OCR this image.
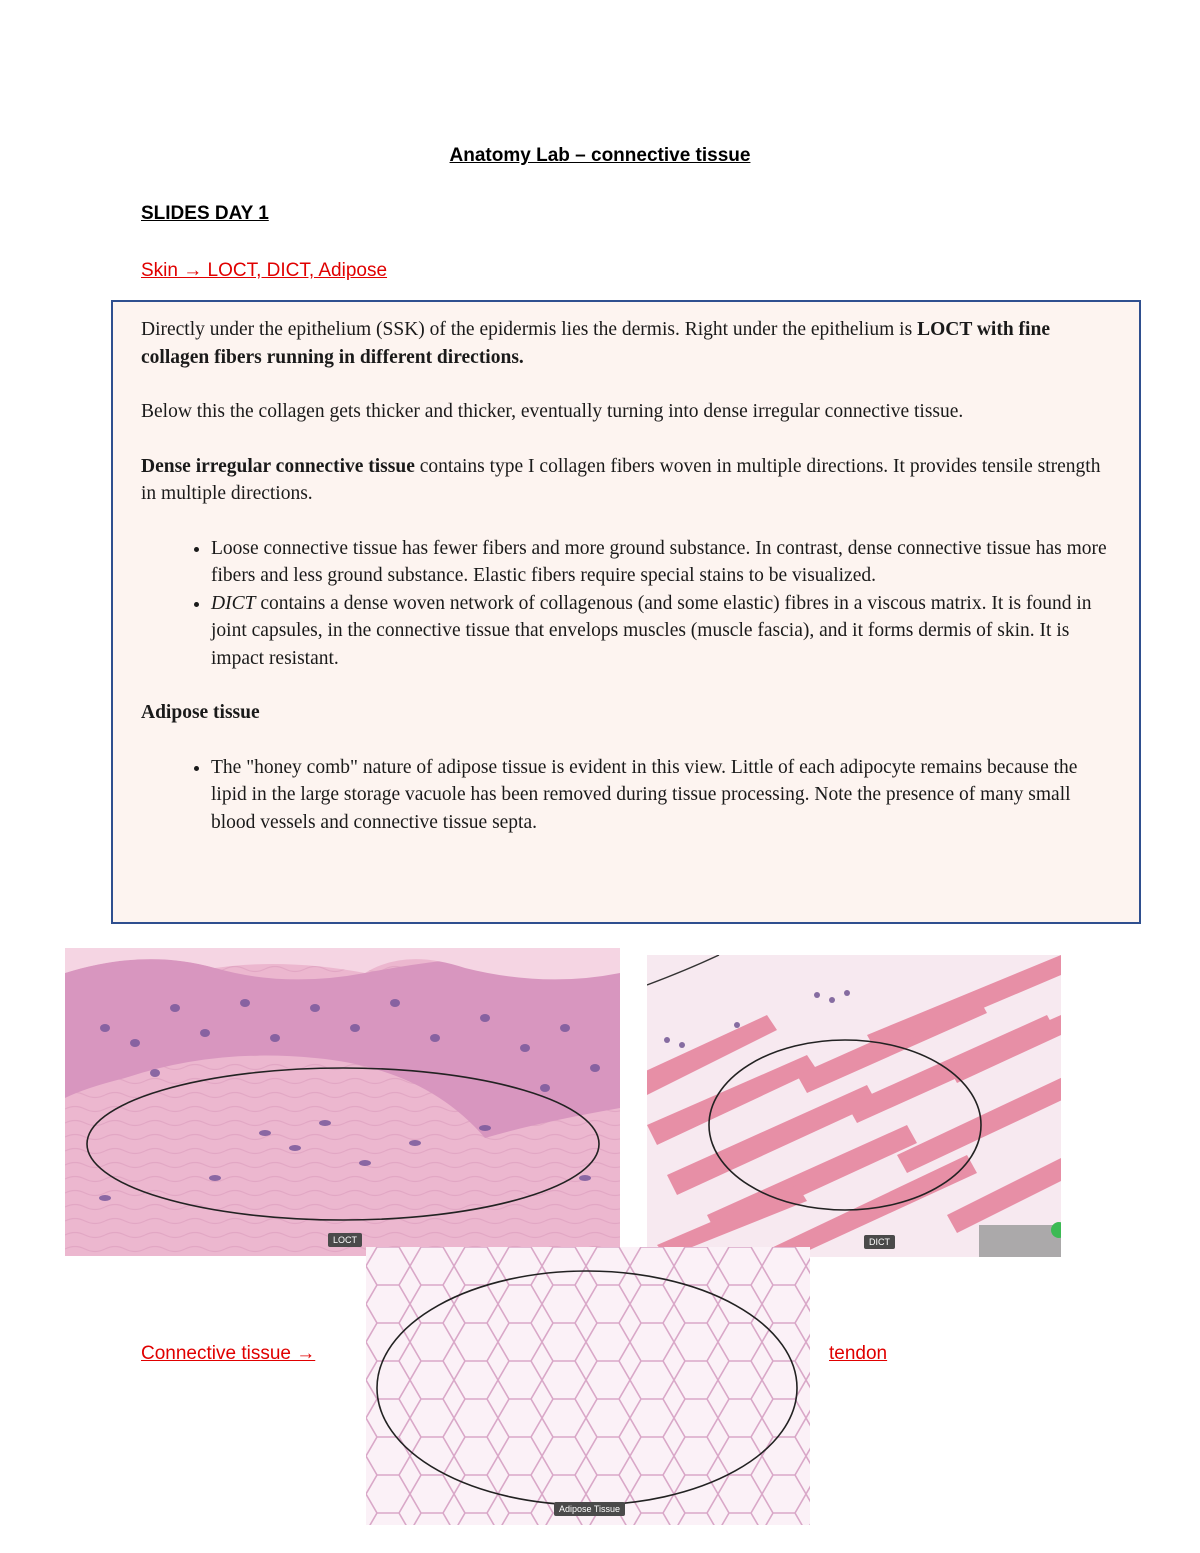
Anatomy Lab – connective tissue
SLIDES DAY 1
Skin → LOCT, DICT, Adipose

Directly under the epithelium (SSK) of the epidermis lies the dermis. Right under the epithelium is LOCT with fine collagen fibers running in different directions.

Below this the collagen gets thicker and thicker, eventually turning into dense irregular connective tissue.

Dense irregular connective tissue contains type I collagen fibers woven in multiple directions. It provides tensile strength in multiple directions.

• Loose connective tissue has fewer fibers and more ground substance. In contrast, dense connective tissue has more fibers and less ground substance. Elastic fibers require special stains to be visualized.
• DICT contains a dense woven network of collagenous (and some elastic) fibres in a viscous matrix. It is found in joint capsules, in the connective tissue that envelops muscles (muscle fascia), and it forms dermis of skin. It is impact resistant.
Adipose tissue
• The "honey comb" nature of adipose tissue is evident in this view. Little of each adipocyte remains because the lipid in the large storage vacuole has been removed during tissue processing. Note the presence of many small blood vessels and connective tissue septa.
LOCT	DICT
Adipose Tissue
Connective tissue →	tendon
